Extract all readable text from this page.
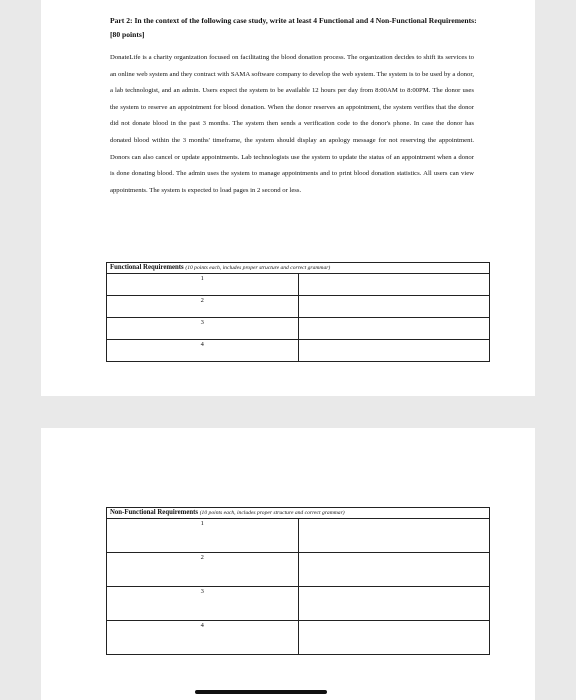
Part 2: In the context of the following case study, write at least 4 Functional and 4 Non-Functional Requirements: [80 points]
DonateLife is a charity organization focused on facilitating the blood donation process. The organization decides to shift its services to an online web system and they contract with SAMA software company to develop the web system. The system is to be used by a donor, a lab technologist, and an admin. Users expect the system to be available 12 hours per day from 8:00AM to 8:00PM. The donor uses the system to reserve an appointment for blood donation. When the donor reserves an appointment, the system verifies that the donor did not donate blood in the past 3 months. The system then sends a verification code to the donor's phone. In case the donor has donated blood within the 3 months' timeframe, the system should display an apology message for not reserving the appointment. Donors can also cancel or update appointments. Lab technologists use the system to update the status of an appointment when a donor is done donating blood. The admin uses the system to manage appointments and to print blood donation statistics. All users can view appointments. The system is expected to load pages in 2 second or less.
Functional Requirements (10 points each, includes proper structure and correct grammar)	

1	

2	

3	

4	

Non-Functional Requirements (10 points each, includes proper structure and correct grammar)	

1	

2	

3	

4	
